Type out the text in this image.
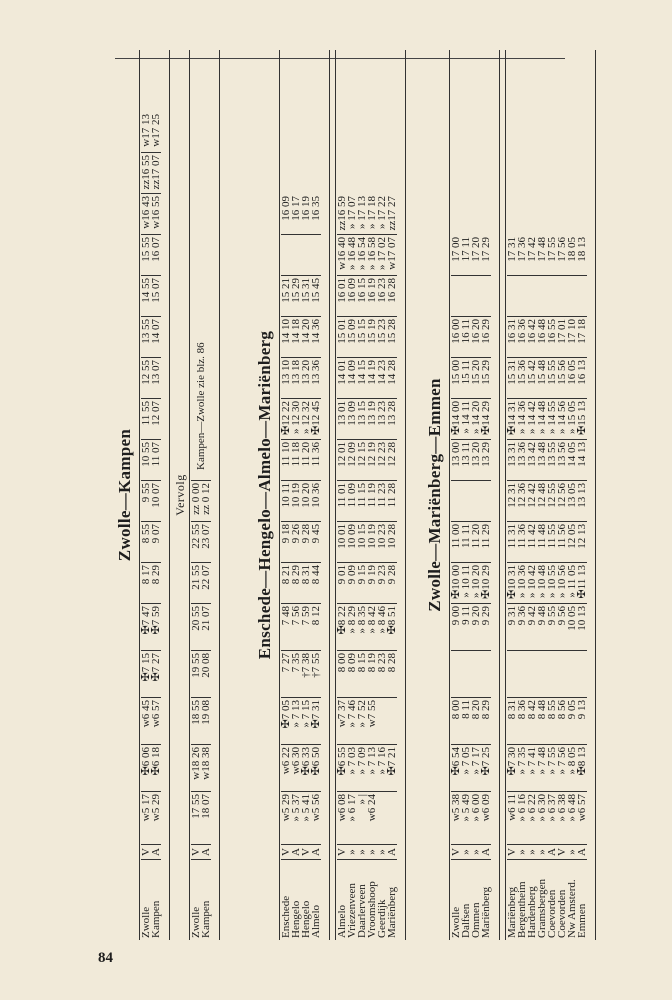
84
Zwolle—Kampen
Zwolle	V	w5 17	✠6 06	w6 45	✠7 15	✠7 47	8 17	8 55	9 55	10 55	11 55	12 55	13 55	14 55	15 55	w16 43	zz16 55	w17 13
Kampen	A	w5 29	✠6 18	w6 57	✠7 27	✠7 59	8 29	9 07	10 07	11 07	12 07	13 07	14 07	15 07	16 07	w16 55	zz17 07	w17 25
Vervolg
Zwolle	V	17 55	w18 26	18 55	19 55	20 55	21 55	22 55	zz 0 00	Kampen—Zwolle zie blz. 86
Kampen	A	18 07	w18 38	19 08	20 08	21 07	22 07	23 07	zz 0 12		Enschede—Hengelo—Almelo—Mariënberg
Enschede	V	w5 29	w6 22	✠7 05	7 27	7 48	8 21	9 18	10 11	11 10	✠12 22	13 10	14 10	15 21		16 09
Hengelo	A	» 5 37	w6 30	» 7 13	7 35	7 56	8 29	9 26	10 19	11 18	» 12 30	13 18	14 18	15 29		16 17
Hengelo	V	» 5 41	✠6 33	» 7 15	†7 38	7 59	8 31	9 28	10 20	11 20	» 12 32	13 20	14 20	15 31		16 19
Almelo	A	w5 56	✠6 50	✠7 31	†7 55	8 12	8 44	9 45	10 36	11 36	✠12 45	13 36	14 36	15 45		16 35
Almelo	V	w6 08	✠6 55	w7 37	8 00	✠8 22	9 01	10 01	11 01	12 01	13 01	14 01	15 01	16 01	w16 40	zz16 59
Vriezenveen	»	» 6 17	» 7 03	» 7 46	8 09	» 8 29	9 09	10 09	11 09	12 09	13 09	14 09	15 09	16 09	» 16 48	» 17 07
Daarlerveen	»	» |	» 7 09	» 7 52	8 15	» 8 35	9 15	10 15	11 15	12 15	13 15	14 15	15 15	16 15	» 16 54	» 17 13
Vroomshoop	»	w6 24	» 7 13	w7 55	8 19	» 8 42	9 19	10 19	11 19	12 19	13 19	14 19	15 19	16 19	» 16 58	» 17 18
Geerdijk	»		» 7 16		8 23	» 8 46	9 23	10 23	11 23	12 23	13 23	14 23	15 23	16 23	» 17 02	» 17 22
Mariënberg	A		✠7 21		8 28	✠8 51	9 28	10 28	11 28	12 28	13 28	14 28	15 28	16 28	w17 07	zz17 27
Zwolle—Mariënberg—Emmen
Zwolle	V	w5 38	✠6 54	8 00		9 00	✠10 00	11 00		13 00	✠14 00	15 00	16 00		17 00
Dalfsen	»	» 5 49	» 7 05	8 11		9 11	» 10 11	11 11		13 11	» 14 11	15 11	16 11		17 11
Ommen	»	» 6 00	» 7 17	8 20		9 20	» 10 20	11 20		13 20	» 14 20	15 20	16 20		17 20
Mariënberg	A	w6 09	✠7 25	8 29		9 29	✠10 29	11 29		13 29	✠14 29	15 29	16 29		17 29
Mariënberg	V	w6 11	✠7 30	8 31		9 31	✠10 31	11 31	12 31	13 31	✠14 31	15 31	16 31		17 31
Bergentheim	»	» 6 16	» 7 35	8 36		9 36	» 10 36	11 36	12 36	13 36	» 14 36	15 36	16 36		17 36
Hardenberg	»	» 6 22	» 7 41	8 42		9 42	» 10 42	11 42	12 42	13 42	» 14 42	15 42	16 42		17 42
Gramsbergen	»	» 6 30	» 7 48	8 48		9 48	» 10 48	11 48	12 48	13 48	» 14 48	15 48	16 48		17 48
Coevorden	A	» 6 37	» 7 55	8 55		9 55	» 10 55	11 55	12 55	13 55	» 14 55	15 55	16 55		17 55
Coevorden	V	» 6 38	» 7 56	8 56		9 56	» 10 56	11 56	12 56	13 56	» 14 56	15 56	17 01		17 56
Nw Amsterd.	»	» 6 48	» 8 05	9 05		10 05	» 11 05	12 05	13 05	14 05	» 15 05	16 05	17 10		18 05
Emmen	A	w6 57	✠8 13	9 13		10 13	✠11 13	12 13	13 13	14 13	✠15 13	16 13	17 18		18 13
